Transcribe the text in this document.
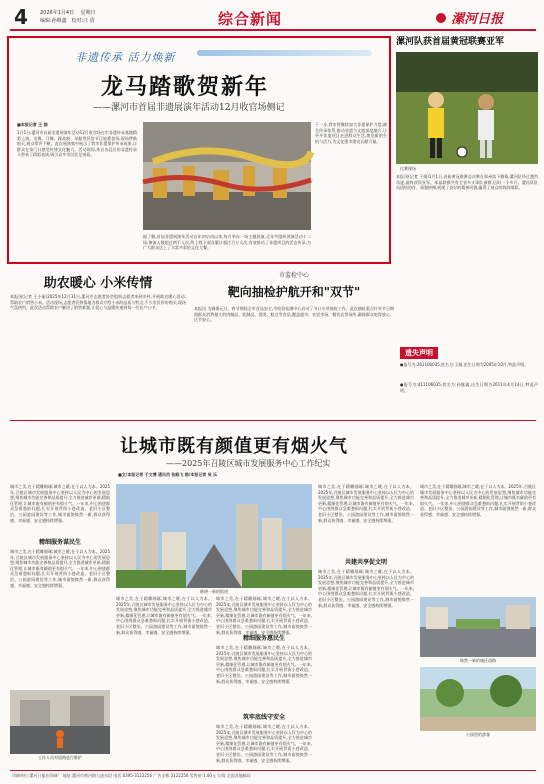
4	2026年1月4日 星期日
编辑:孙继鑫 校对:汪 倩	综合新闻	漯河日报
非遗传承 活力焕新
龙马踏歌贺新年
——漯河市首届非遗展演年活动12月收官场侧记
■本报记者 王 娟
1月1日,漯河市首届非遗展演年活动12月收官场在市非遗传承基地精彩上演。龙舞、马舞、踩高跷、旱船等民俗节目轮番登场,现场锣鼓喧天,观众掌声不断。此次展演集中展示了我市非遗保护传承成果,让群众在家门口感受传统文化魅力。活动现场,来自各县区的非遗传承人带来了精彩表演,吸引众多市民驻足观看。
据了解,首届非遗展演年活动自年初启动以来,每月举办一场主题展演,全年共组织展演活动十二场,参演人数超过两千人次,线上线下观众累计超过百万人次,有效推动了非遗项目的活态传承,为广大群众送上了丰富多彩的文化大餐。
下一步,我市将继续加大非遗保护力度,健全传承体系,推动非遗与文旅深度融合,让更多非遗项目走进群众生活,焕发新的生机与活力,为文化强市建设贡献力量。
漯河队获首届黄冠联赛亚军
比赛现场
本报讯(记者 王娟)1月1日,首届黄冠联赛总决赛在郑州落下帷幕,漯河队经过激烈角逐,最终获得亚军。本届联赛共有全省多支球队参赛,历时一个多月。漯河队队员团结协作、顽强拼搏,展现了良好的精神风貌,赢得了观众的阵阵喝彩。
助农暖心 小米传情
本报讯(记者 王小丽)2025年12月31日,漯河市志愿者协会组织志愿者来到乡村,开展助农暖心活动,帮助农户销售小米。活动现场,志愿者们热情地为群众介绍小米的品质与特点,不少市民纷纷购买,现场气氛热烈。此次活动帮助农户解决了销售难题,让爱心与温暖传递到每一位农户心中。
市监检中心
靶向抽检护航开和"双节"
本报讯 为确保元旦、春节期间全市食品安全,市检验检测中心启动了节日专项抽检工作。此次抽检重点针对节日期间群众消费量大的肉制品、乳制品、酒类、糕点等食品,覆盖超市、农贸市场、餐饮店等场所,确保群众吃得放心、过节安心。
遗失声明
●报号为:261106035,姓名为:王娟,出生日期为2005年10月,特此声明。
●报号为:411106035,姓名为:孙继鑫,出生日期为2011年4月14日,特此声明。
让城市既有颜值更有烟火气
——2025年召陵区城市发展服务中心工作纪实
■文/本报记者 于文博 通讯员 张路飞 图/本报记者 吴 乐
城市之美,在于精雕细琢;城市之暖,在于以人为本。2025年,召陵区城市发展服务中心坚持以人民为中心的发展思想,聚焦城市功能完善和品质提升,全力推进城市更新,精细化管理,让城市既有颜值更有烟火气。一年来,中心围绕群众急难愁盼问题,扎实开展背街小巷改造、老旧小区整治、公园游园建设等工作,城市面貌焕然一新,群众获得感、幸福感、安全感持续增强。
精细服务谋民生
城市之美,在于精雕细琢;城市之暖,在于以人为本。2025年,召陵区城市发展服务中心坚持以人民为中心的发展思想,聚焦城市功能完善和品质提升,全力推进城市更新,精细化管理,让城市既有颜值更有烟火气。一年来,中心围绕群众急难愁盼问题,扎实开展背街小巷改造、老旧小区整治、公园游园建设等工作,城市面貌焕然一新,群众获得感、幸福感、安全感持续增强。
工作人员对道路进行维护
修缮一新的街道
城市之美,在于精雕细琢;城市之暖,在于以人为本。2025年,召陵区城市发展服务中心坚持以人民为中心的发展思想,聚焦城市功能完善和品质提升,全力推进城市更新,精细化管理,让城市既有颜值更有烟火气。一年来,中心围绕群众急难愁盼问题,扎实开展背街小巷改造、老旧小区整治、公园游园建设等工作,城市面貌焕然一新,群众获得感、幸福感、安全感持续增强。
城市之美,在于精雕细琢;城市之暖,在于以人为本。2025年,召陵区城市发展服务中心坚持以人民为中心的发展思想,聚焦城市功能完善和品质提升,全力推进城市更新,精细化管理,让城市既有颜值更有烟火气。一年来,中心围绕群众急难愁盼问题,扎实开展背街小巷改造、老旧小区整治、公园游园建设等工作,城市面貌焕然一新,群众获得感、幸福感、安全感持续增强。
精细服务惠民生
城市之美,在于精雕细琢;城市之暖,在于以人为本。2025年,召陵区城市发展服务中心坚持以人民为中心的发展思想,聚焦城市功能完善和品质提升,全力推进城市更新,精细化管理,让城市既有颜值更有烟火气。一年来,中心围绕群众急难愁盼问题,扎实开展背街小巷改造、老旧小区整治、公园游园建设等工作,城市面貌焕然一新,群众获得感、幸福感、安全感持续增强。
筑牢底线守安全
城市之美,在于精雕细琢;城市之暖,在于以人为本。2025年,召陵区城市发展服务中心坚持以人民为中心的发展思想,聚焦城市功能完善和品质提升,全力推进城市更新,精细化管理,让城市既有颜值更有烟火气。一年来,中心围绕群众急难愁盼问题,扎实开展背街小巷改造、老旧小区整治、公园游园建设等工作,城市面貌焕然一新,群众获得感、幸福感、安全感持续增强。
城市之美,在于精雕细琢;城市之暖,在于以人为本。2025年,召陵区城市发展服务中心坚持以人民为中心的发展思想,聚焦城市功能完善和品质提升,全力推进城市更新,精细化管理,让城市既有颜值更有烟火气。一年来,中心围绕群众急难愁盼问题,扎实开展背街小巷改造、老旧小区整治、公园游园建设等工作,城市面貌焕然一新,群众获得感、幸福感、安全感持续增强。
共建共享促文明
城市之美,在于精雕细琢;城市之暖,在于以人为本。2025年,召陵区城市发展服务中心坚持以人民为中心的发展思想,聚焦城市功能完善和品质提升,全力推进城市更新,精细化管理,让城市既有颜值更有烟火气。一年来,中心围绕群众急难愁盼问题,扎实开展背街小巷改造、老旧小区整治、公园游园建设等工作,城市面貌焕然一新,群众获得感、幸福感、安全感持续增强。
城市之美,在于精雕细琢;城市之暖,在于以人为本。2025年,召陵区城市发展服务中心坚持以人民为中心的发展思想,聚焦城市功能完善和品质提升,全力推进城市更新,精细化管理,让城市既有颜值更有烟火气。一年来,中心围绕群众急难愁盼问题,扎实开展背街小巷改造、老旧小区整治、公园游园建设等工作,城市面貌焕然一新,群众获得感、幸福感、安全感持续增强。
焕然一新的城区道路
公园里的游客
印刷单位:漯河日报社印刷厂 地址:漯河市黄河路大道东段 电话:0395-3122256 广告全称:3122256 零售价:1.00元 订阅:全国各地邮局
